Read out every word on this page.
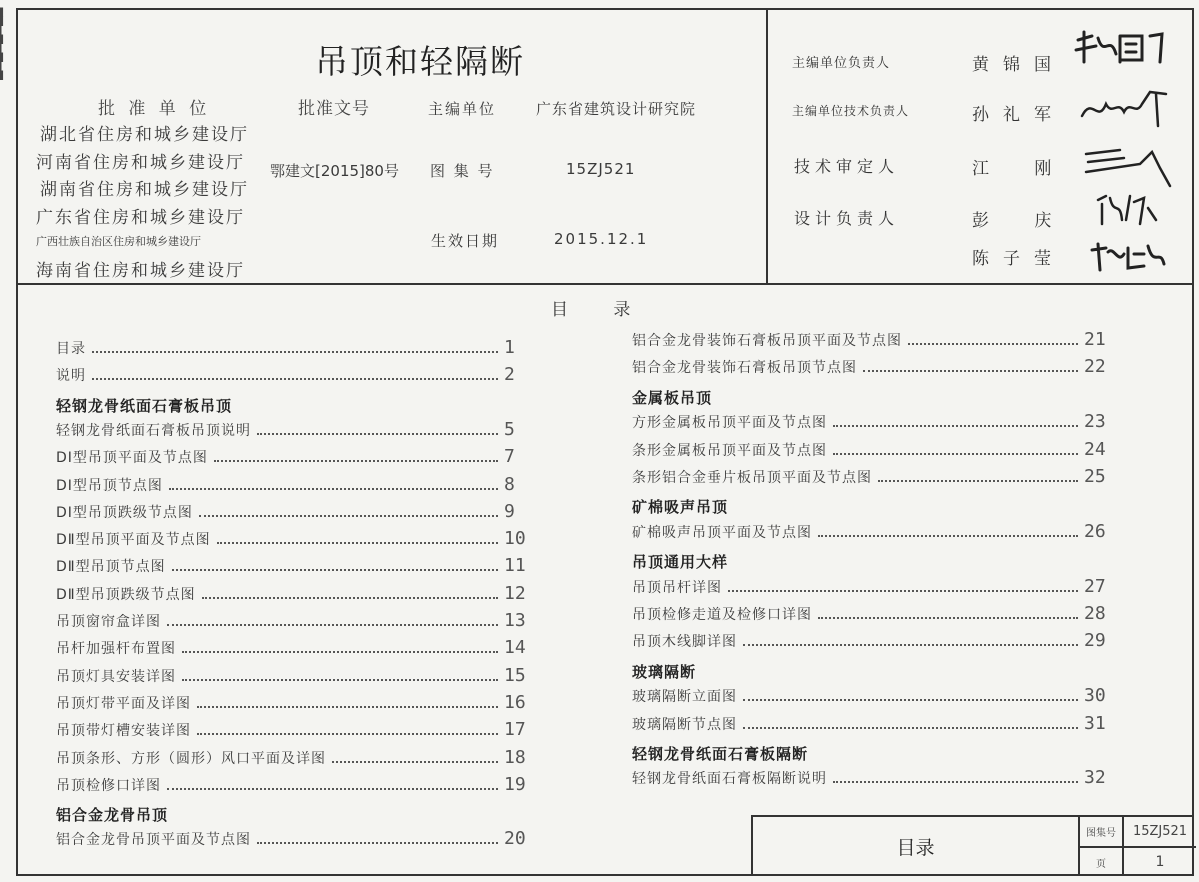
▌
▌
▎
▌
▎
▌
▎
▌	吊顶和轻隔断
批 准 单 位	批准文号
湖北省住房和城乡建设厅
河南省住房和城乡建设厅
湖南省住房和城乡建设厅
广东省住房和城乡建设厅
广西壮族自治区住房和城乡建设厅
海南省住房和城乡建设厅
鄂建文[2015]80号
主编单位	广东省建筑设计研究院
图 集 号	15ZJ521
生效日期	2015.12.1
主编单位负责人	黄锦国
主编单位技术负责人	孙礼军
技术审定人	江 刚
设计负责人	彭 庆
陈子莹
目 录
目录	1
说明	2
轻钢龙骨纸面石膏板吊顶
轻钢龙骨纸面石膏板吊顶说明	5
DⅠ型吊顶平面及节点图	7
DⅠ型吊顶节点图	8
DⅠ型吊顶跌级节点图	9
DⅡ型吊顶平面及节点图	10
DⅡ型吊顶节点图	11
DⅡ型吊顶跌级节点图	12
吊顶窗帘盒详图	13
吊杆加强杆布置图	14
吊顶灯具安装详图	15
吊顶灯带平面及详图	16
吊顶带灯槽安装详图	17
吊顶条形、方形（圆形）风口平面及详图	18
吊顶检修口详图	19
铝合金龙骨吊顶
铝合金龙骨吊顶平面及节点图	20
铝合金龙骨装饰石膏板吊顶平面及节点图	21
铝合金龙骨装饰石膏板吊顶节点图	22
金属板吊顶
方形金属板吊顶平面及节点图	23
条形金属板吊顶平面及节点图	24
条形铝合金垂片板吊顶平面及节点图	25
矿棉吸声吊顶
矿棉吸声吊顶平面及节点图	26
吊顶通用大样
吊顶吊杆详图	27
吊顶检修走道及检修口详图	28
吊顶木线脚详图	29
玻璃隔断
玻璃隔断立面图	30
玻璃隔断节点图	31
轻钢龙骨纸面石膏板隔断
轻钢龙骨纸面石膏板隔断说明	32
目录
图集号	15ZJ521
页	1
